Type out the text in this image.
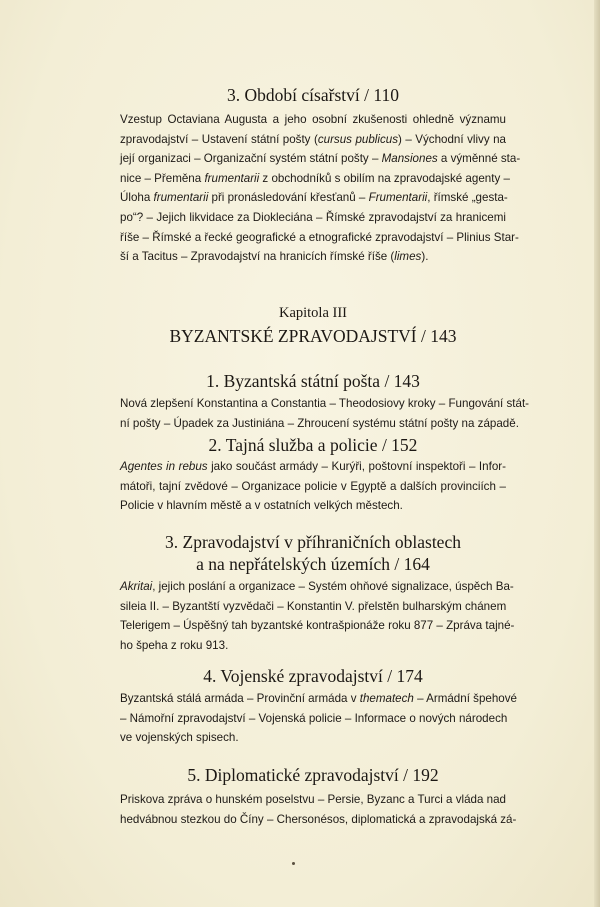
3. Období císařství / 110
Vzestup Octaviana Augusta a jeho osobní zkušenosti ohledně významu
zpravodajství – Ustavení státní pošty (cursus publicus) – Východní vlivy na
její organizaci – Organizační systém státní pošty – Mansiones a výměnné sta-
nice – Přeměna frumentarii z obchodníků s obilím na zpravodajské agenty –
Úloha frumentarii při pronásledování křesťanů – Frumentarii, římské „gesta-
po“? – Jejich likvidace za Diokleciána – Římské zpravodajství za hranicemi
říše – Římské a řecké geografické a etnografické zpravodajství – Plinius Star-
ší a Tacitus – Zpravodajství na hranicích římské říše (limes).
Kapitola III
BYZANTSKÉ ZPRAVODAJSTVÍ / 143
1. Byzantská státní pošta / 143
Nová zlepšení Konstantina a Constantia – Theodosiovy kroky – Fungování stát-
ní pošty – Úpadek za Justiniána – Zhroucení systému státní pošty na západě.
2. Tajná služba a policie / 152
Agentes in rebus jako součást armády – Kurýři, poštovní inspektoři – Infor-
mátoři, tajní zvědové – Organizace policie v Egyptě a dalších provinciích –
Policie v hlavním městě a v ostatních velkých městech.
3. Zpravodajství v příhraničních oblastech
a na nepřátelských územích / 164
Akritai, jejich poslání a organizace – Systém ohňové signalizace, úspěch Ba-
sileia II. – Byzantští vyzvědači – Konstantin V. přelstěn bulharským chánem
Telerigem – Úspěšný tah byzantské kontrašpionáže roku 877 – Zpráva tajné-
ho špeha z roku 913.
4. Vojenské zpravodajství / 174
Byzantská stálá armáda – Provinční armáda v thematech – Armádní špehové
– Námořní zpravodajství – Vojenská policie – Informace o nových národech
ve vojenských spisech.
5. Diplomatické zpravodajství / 192
Priskova zpráva o hunském poselstvu – Persie, Byzanc a Turci a vláda nad
hedvábnou stezkou do Číny – Chersonésos, diplomatická a zpravodajská zá-
